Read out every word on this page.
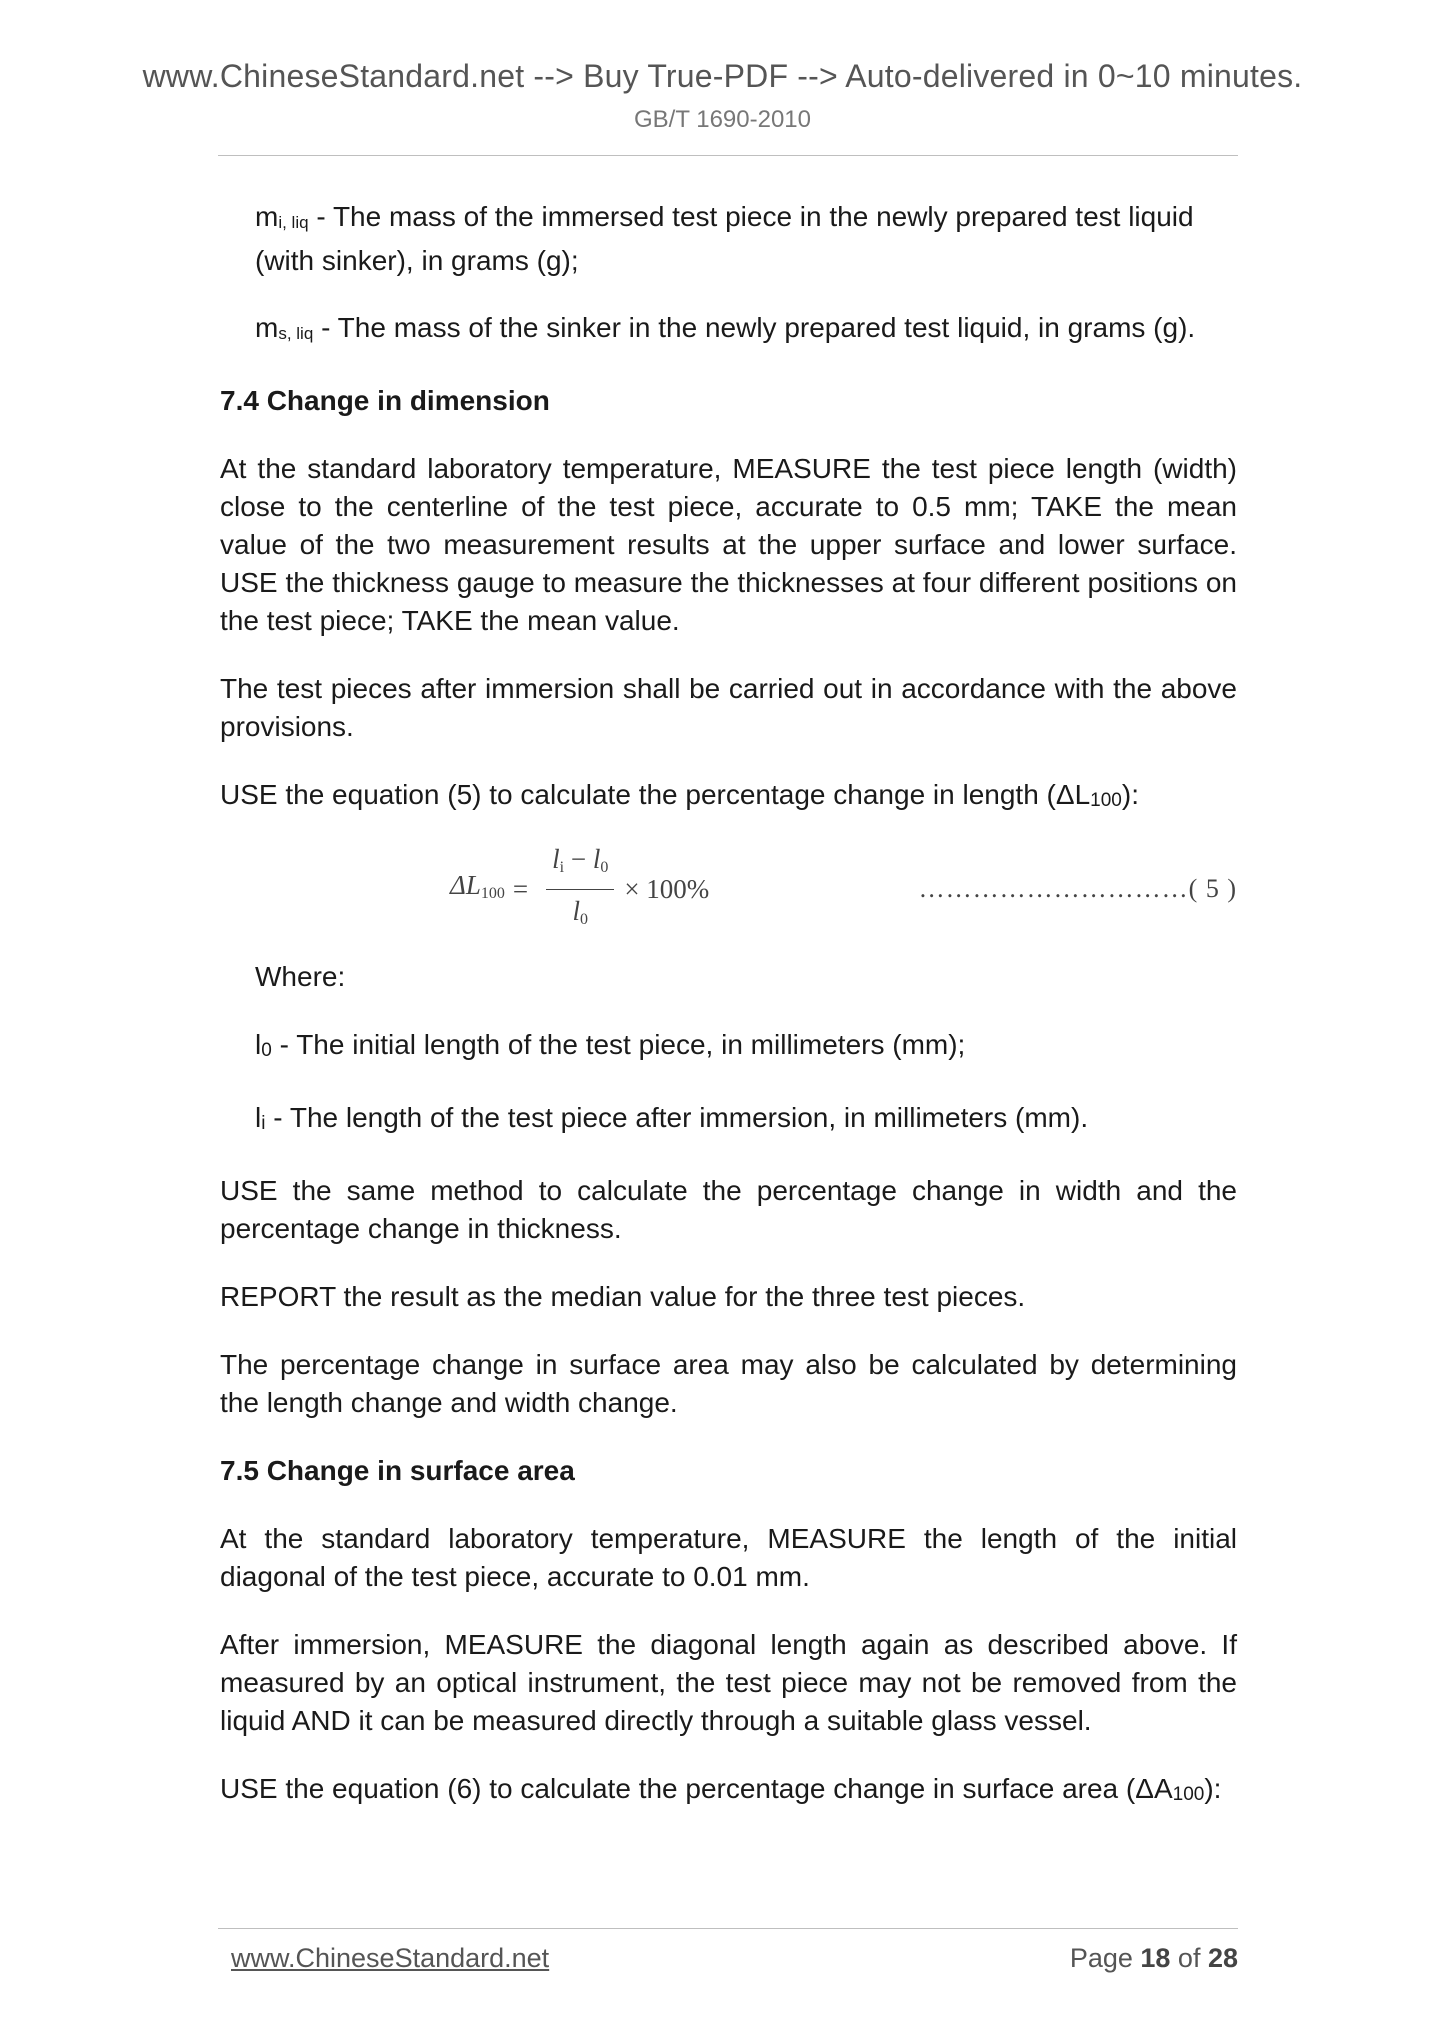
www.ChineseStandard.net --> Buy True-PDF --> Auto-delivered in 0~10 minutes.
GB/T 1690-2010

$m_{i, liq}$ - The mass of the immersed test piece in the newly prepared test liquid (with sinker), in grams (g);

$m_{s, liq}$ - The mass of the sinker in the newly prepared test liquid, in grams (g).

7.4 Change in dimension

At the standard laboratory temperature, MEASURE the test piece length (width) close to the centerline of the test piece, accurate to 0.5 mm; TAKE the mean value of the two measurement results at the upper surface and lower surface. USE the thickness gauge to measure the thicknesses at four different positions on the test piece; TAKE the mean value.

The test pieces after immersion shall be carried out in accordance with the above provisions.

USE the equation (5) to calculate the percentage change in length $(\Delta L_{100})$:

$\Delta L100 = \frac{li - l0}{l0} \times 100\%$	…………………………( 5 )

Where:

$l_0$ - The initial length of the test piece, in millimeters (mm);

$l_i$ - The length of the test piece after immersion, in millimeters (mm).

USE the same method to calculate the percentage change in width and the percentage change in thickness.

REPORT the result as the median value for the three test pieces.

The percentage change in surface area may also be calculated by determining the length change and width change.

7.5 Change in surface area

At the standard laboratory temperature, MEASURE the length of the initial diagonal of the test piece, accurate to 0.01 mm.

After immersion, MEASURE the diagonal length again as described above. If measured by an optical instrument, the test piece may not be removed from the liquid AND it can be measured directly through a suitable glass vessel.

USE the equation (6) to calculate the percentage change in surface area $(\Delta A_{100})$:

www.ChineseStandard.net	Page 18 of 28
